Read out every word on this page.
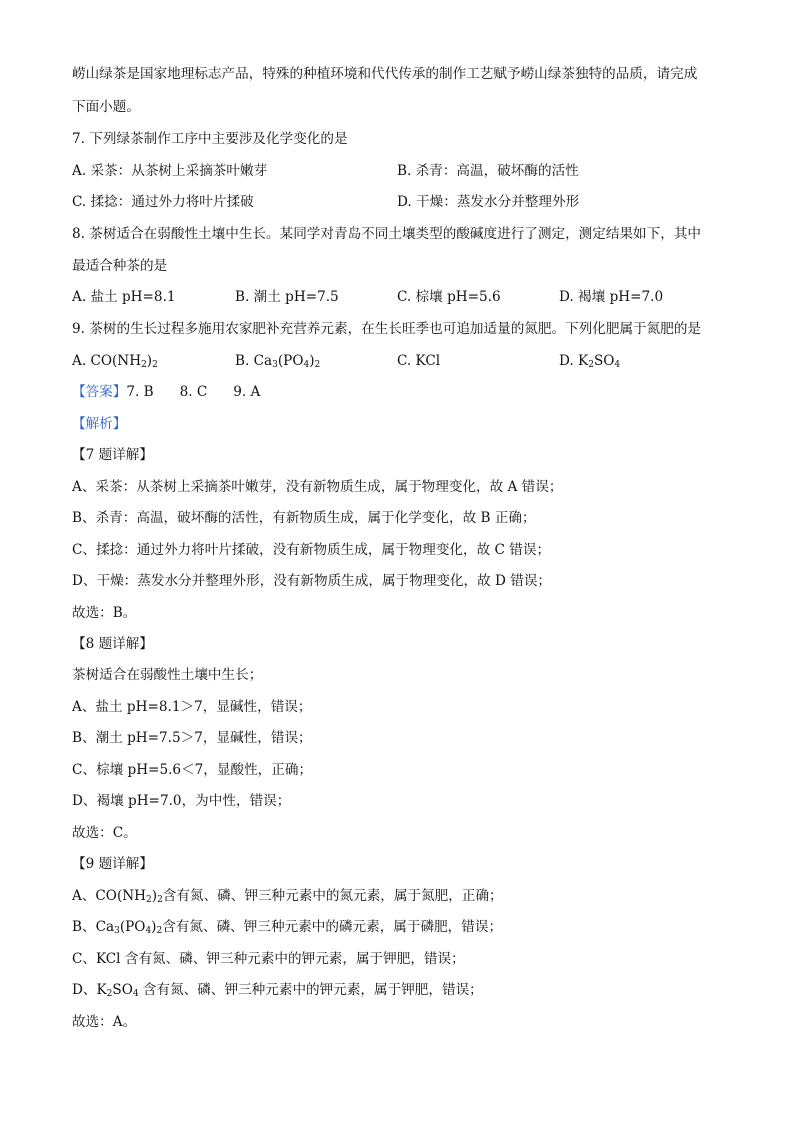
崂山绿茶是国家地理标志产品，特殊的种植环境和代代传承的制作工艺赋予崂山绿茶独特的品质，请完成
下面小题。
7. 下列绿茶制作工序中主要涉及化学变化的是
A. 采茶：从茶树上采摘茶叶嫩芽	B. 杀青：高温，破坏酶的活性
C. 揉捻：通过外力将叶片揉破	D. 干燥：蒸发水分并整理外形
8. 茶树适合在弱酸性土壤中生长。某同学对青岛不同土壤类型的酸碱度进行了测定，测定结果如下，其中
最适合种茶的是
A. 盐土 pH=8.1	B. 潮土 pH=7.5	C. 棕壤 pH=5.6	D. 褐壤 pH=7.0
9. 茶树的生长过程多施用农家肥补充营养元素，在生长旺季也可追加适量的氮肥。下列化肥属于氮肥的是
A. $CO(NH_2)_2$	B. $Ca_3(PO_4)_2$	C. KCl	D. $K_2SO_4$
【答案】7. B      8. C      9. A
【解析】
【7 题详解】
A、采茶：从茶树上采摘茶叶嫩芽，没有新物质生成，属于物理变化，故 A 错误；
B、杀青：高温，破坏酶的活性，有新物质生成，属于化学变化，故 B 正确；
C、揉捻：通过外力将叶片揉破，没有新物质生成，属于物理变化，故 C 错误；
D、干燥：蒸发水分并整理外形，没有新物质生成，属于物理变化，故 D 错误；
故选：B。
【8 题详解】
茶树适合在弱酸性土壤中生长；
A、盐土 pH=8.1＞7，显碱性，错误；
B、潮土 pH=7.5＞7，显碱性，错误；
C、棕壤 pH=5.6＜7，显酸性，正确；
D、褐壤 pH=7.0，为中性，错误；
故选：C。
【9 题详解】
A、$CO(NH_2)_2$含有氮、磷、钾三种元素中的氮元素，属于氮肥，正确；
B、$Ca_3(PO_4)_2$含有氮、磷、钾三种元素中的磷元素，属于磷肥，错误；
C、KCl 含有氮、磷、钾三种元素中的钾元素，属于钾肥，错误；
D、$K_2SO_4$ 含有氮、磷、钾三种元素中的钾元素，属于钾肥，错误；
故选：A。
